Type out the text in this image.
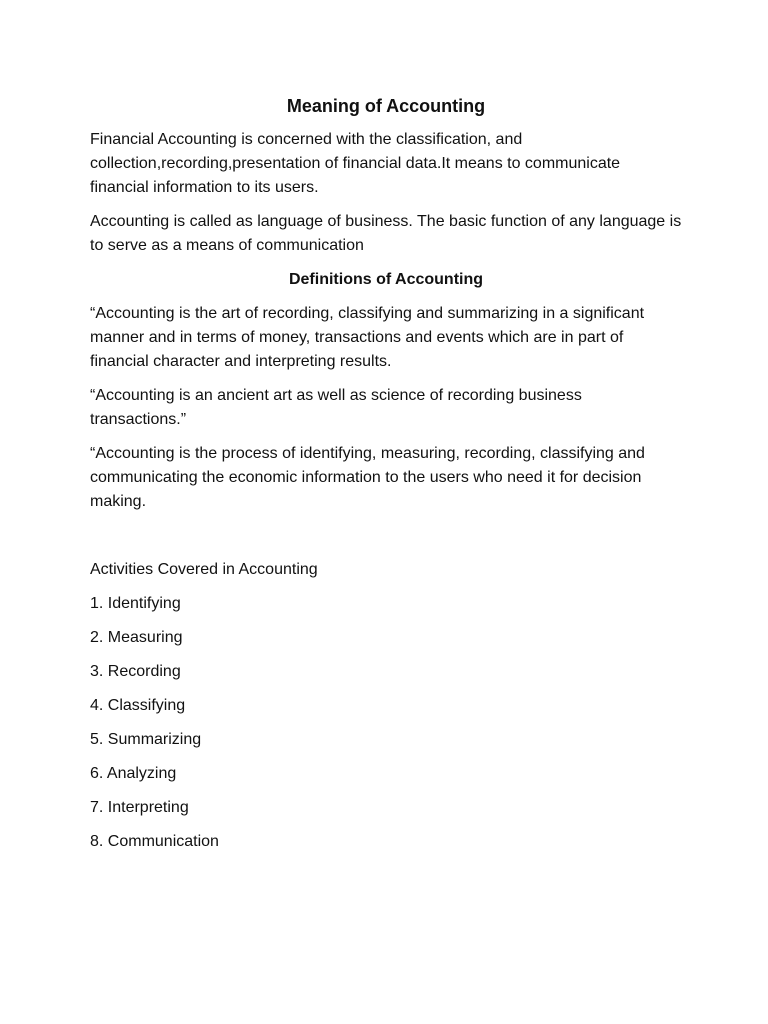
Meaning of Accounting

Financial Accounting is concerned with the classification, and collection,recording,presentation of financial data.It means to communicate financial information to its users.

Accounting is called as language of business. The basic function of any language is to serve as a means of communication

Definitions of Accounting

“Accounting is the art of recording, classifying and summarizing in a significant manner and in terms of money, transactions and events which are in part of financial character and interpreting results.

“Accounting is an ancient art as well as science of recording business transactions.”

“Accounting is the process of identifying, measuring, recording, classifying and communicating the economic information to the users who need it for decision making.

Activities Covered in Accounting

1. Identifying
2. Measuring
3. Recording
4. Classifying
5. Summarizing
6. Analyzing
7. Interpreting
8. Communication
